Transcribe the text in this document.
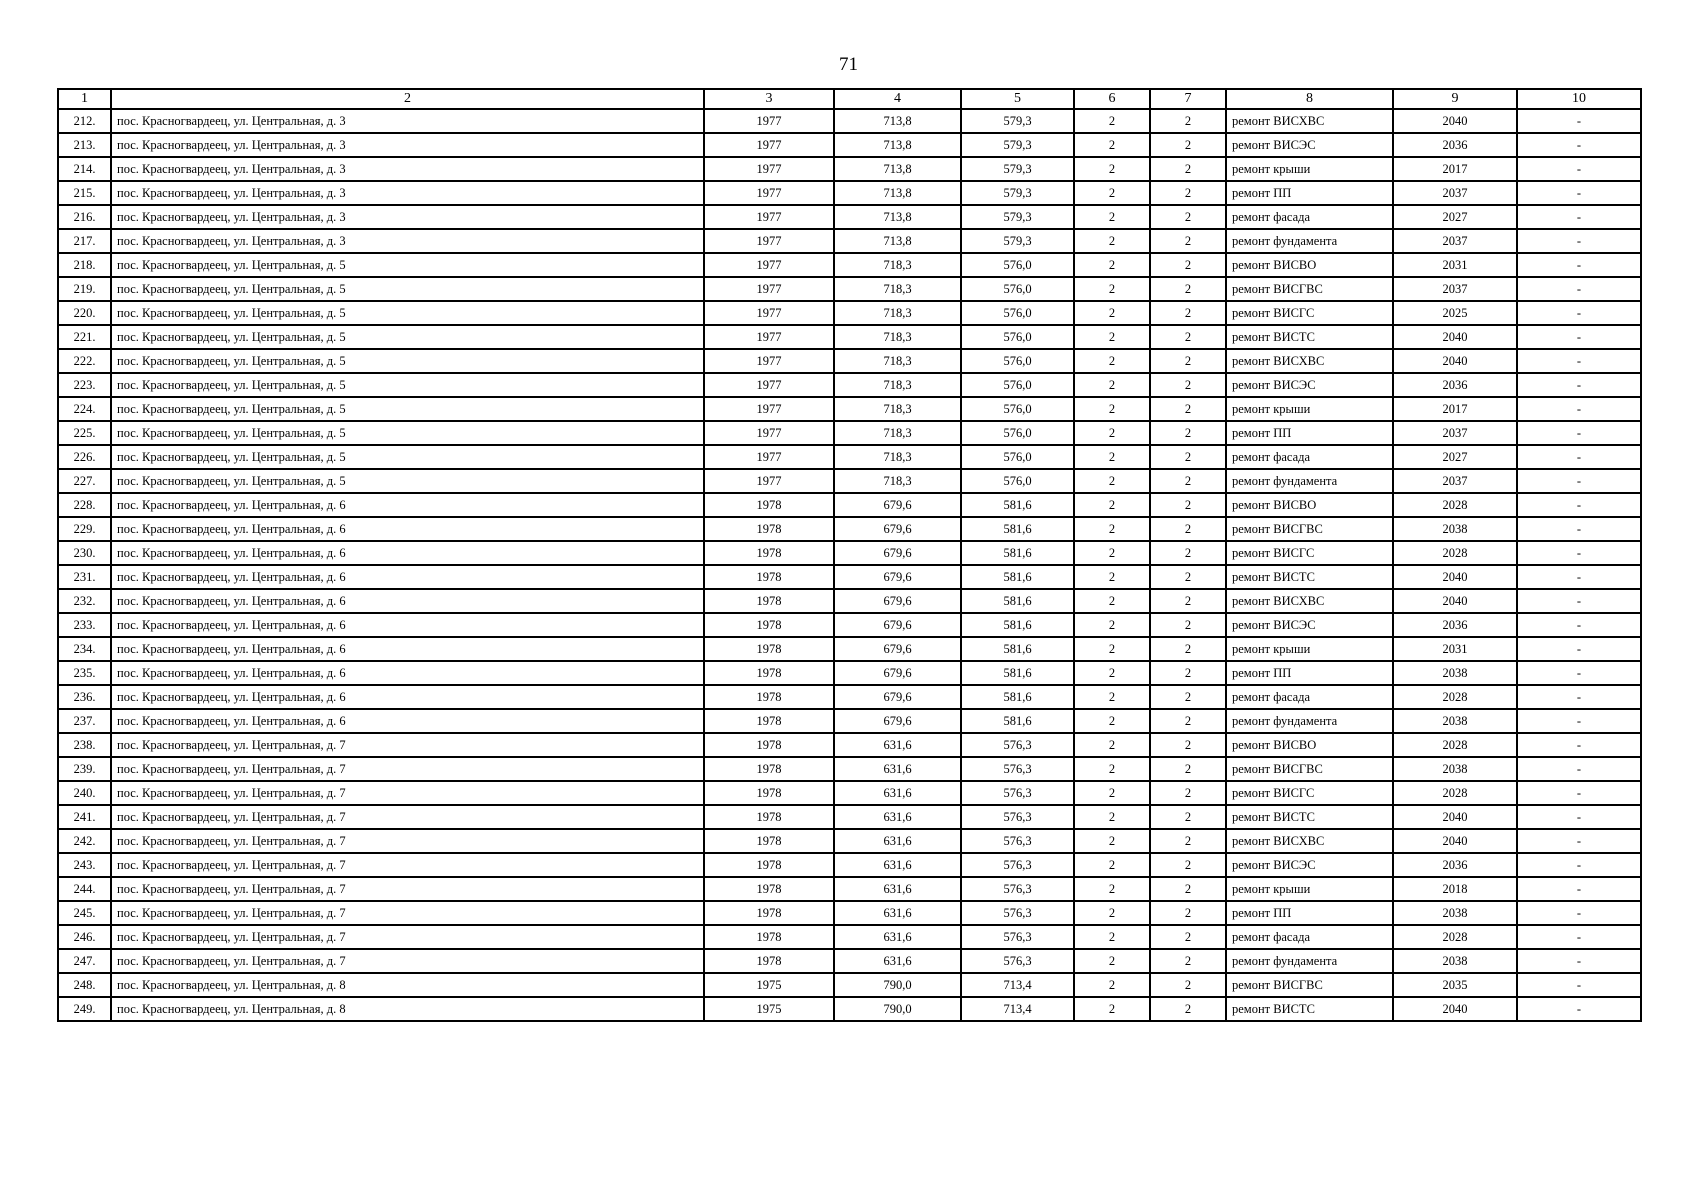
71
1	2	3	4	5	6	7	8	9	10
212.	пос. Красногвардеец, ул. Центральная, д. 3	1977	713,8	579,3	2	2	ремонт ВИСХВС	2040	-
213.	пос. Красногвардеец, ул. Центральная, д. 3	1977	713,8	579,3	2	2	ремонт ВИСЭС	2036	-
214.	пос. Красногвардеец, ул. Центральная, д. 3	1977	713,8	579,3	2	2	ремонт крыши	2017	-
215.	пос. Красногвардеец, ул. Центральная, д. 3	1977	713,8	579,3	2	2	ремонт ПП	2037	-
216.	пос. Красногвардеец, ул. Центральная, д. 3	1977	713,8	579,3	2	2	ремонт фасада	2027	-
217.	пос. Красногвардеец, ул. Центральная, д. 3	1977	713,8	579,3	2	2	ремонт фундамента	2037	-
218.	пос. Красногвардеец, ул. Центральная, д. 5	1977	718,3	576,0	2	2	ремонт ВИСВО	2031	-
219.	пос. Красногвардеец, ул. Центральная, д. 5	1977	718,3	576,0	2	2	ремонт ВИСГВС	2037	-
220.	пос. Красногвардеец, ул. Центральная, д. 5	1977	718,3	576,0	2	2	ремонт ВИСГС	2025	-
221.	пос. Красногвардеец, ул. Центральная, д. 5	1977	718,3	576,0	2	2	ремонт ВИСТС	2040	-
222.	пос. Красногвардеец, ул. Центральная, д. 5	1977	718,3	576,0	2	2	ремонт ВИСХВС	2040	-
223.	пос. Красногвардеец, ул. Центральная, д. 5	1977	718,3	576,0	2	2	ремонт ВИСЭС	2036	-
224.	пос. Красногвардеец, ул. Центральная, д. 5	1977	718,3	576,0	2	2	ремонт крыши	2017	-
225.	пос. Красногвардеец, ул. Центральная, д. 5	1977	718,3	576,0	2	2	ремонт ПП	2037	-
226.	пос. Красногвардеец, ул. Центральная, д. 5	1977	718,3	576,0	2	2	ремонт фасада	2027	-
227.	пос. Красногвардеец, ул. Центральная, д. 5	1977	718,3	576,0	2	2	ремонт фундамента	2037	-
228.	пос. Красногвардеец, ул. Центральная, д. 6	1978	679,6	581,6	2	2	ремонт ВИСВО	2028	-
229.	пос. Красногвардеец, ул. Центральная, д. 6	1978	679,6	581,6	2	2	ремонт ВИСГВС	2038	-
230.	пос. Красногвардеец, ул. Центральная, д. 6	1978	679,6	581,6	2	2	ремонт ВИСГС	2028	-
231.	пос. Красногвардеец, ул. Центральная, д. 6	1978	679,6	581,6	2	2	ремонт ВИСТС	2040	-
232.	пос. Красногвардеец, ул. Центральная, д. 6	1978	679,6	581,6	2	2	ремонт ВИСХВС	2040	-
233.	пос. Красногвардеец, ул. Центральная, д. 6	1978	679,6	581,6	2	2	ремонт ВИСЭС	2036	-
234.	пос. Красногвардеец, ул. Центральная, д. 6	1978	679,6	581,6	2	2	ремонт крыши	2031	-
235.	пос. Красногвардеец, ул. Центральная, д. 6	1978	679,6	581,6	2	2	ремонт ПП	2038	-
236.	пос. Красногвардеец, ул. Центральная, д. 6	1978	679,6	581,6	2	2	ремонт фасада	2028	-
237.	пос. Красногвардеец, ул. Центральная, д. 6	1978	679,6	581,6	2	2	ремонт фундамента	2038	-
238.	пос. Красногвардеец, ул. Центральная, д. 7	1978	631,6	576,3	2	2	ремонт ВИСВО	2028	-
239.	пос. Красногвардеец, ул. Центральная, д. 7	1978	631,6	576,3	2	2	ремонт ВИСГВС	2038	-
240.	пос. Красногвардеец, ул. Центральная, д. 7	1978	631,6	576,3	2	2	ремонт ВИСГС	2028	-
241.	пос. Красногвардеец, ул. Центральная, д. 7	1978	631,6	576,3	2	2	ремонт ВИСТС	2040	-
242.	пос. Красногвардеец, ул. Центральная, д. 7	1978	631,6	576,3	2	2	ремонт ВИСХВС	2040	-
243.	пос. Красногвардеец, ул. Центральная, д. 7	1978	631,6	576,3	2	2	ремонт ВИСЭС	2036	-
244.	пос. Красногвардеец, ул. Центральная, д. 7	1978	631,6	576,3	2	2	ремонт крыши	2018	-
245.	пос. Красногвардеец, ул. Центральная, д. 7	1978	631,6	576,3	2	2	ремонт ПП	2038	-
246.	пос. Красногвардеец, ул. Центральная, д. 7	1978	631,6	576,3	2	2	ремонт фасада	2028	-
247.	пос. Красногвардеец, ул. Центральная, д. 7	1978	631,6	576,3	2	2	ремонт фундамента	2038	-
248.	пос. Красногвардеец, ул. Центральная, д. 8	1975	790,0	713,4	2	2	ремонт ВИСГВС	2035	-
249.	пос. Красногвардеец, ул. Центральная, д. 8	1975	790,0	713,4	2	2	ремонт ВИСТС	2040	-
